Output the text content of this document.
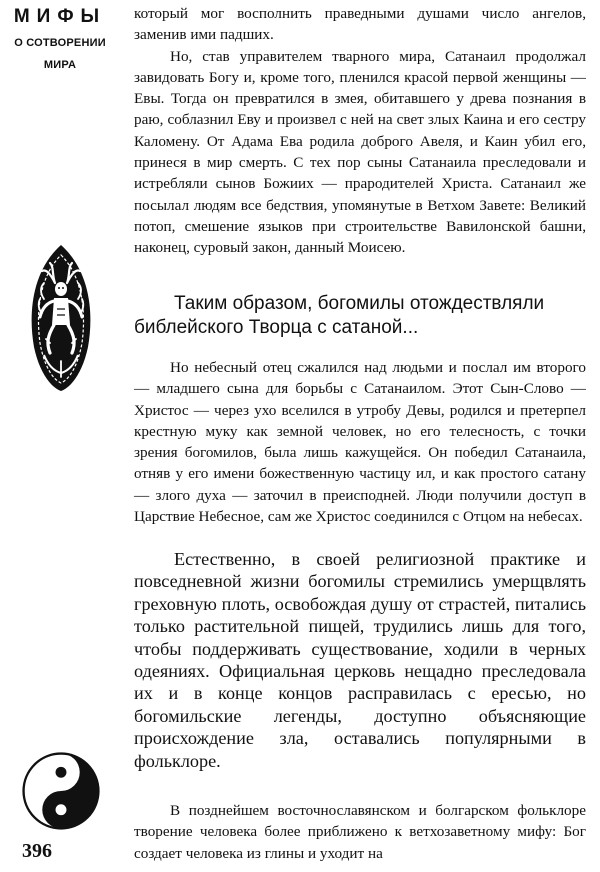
МИФЫ
О СОТВОРЕНИИ
МИРА
396

который мог восполнить праведными душами число ангелов, заменив ими падших.

Но, став управителем тварного мира, Сатанаил продолжал завидовать Богу и, кроме того, пленился красой первой женщины — Евы. Тогда он превратился в змея, обитавшего у древа познания в раю, соблазнил Еву и произвел с ней на свет злых Каина и его сестру Каломену. От Адама Ева родила доброго Авеля, и Каин убил его, принеся в мир смерть. С тех пор сыны Сатанаила преследовали и истребляли сынов Божиих — прародителей Христа. Сатанаил же посылал людям все бедствия, упомянутые в Ветхом Завете: Великий потоп, смешение языков при строительстве Вавилонской башни, наконец, суровый закон, данный Моисею.

Таким образом, богомилы отождествляли библейского Творца с сатаной...

Но небесный отец сжалился над людьми и послал им второго — младшего сына для борьбы с Сатанаилом. Этот Сын-Слово — Христос — через ухо вселился в утробу Девы, родился и претерпел крестную муку как земной человек, но его телесность, с точки зрения богомилов, была лишь кажущейся. Он победил Сатанаила, отняв у его имени божественную частицу ил, и как простого сатану — злого духа — заточил в преисподней. Люди получили доступ в Царствие Небесное, сам же Христос соединился с Отцом на небесах.

Естественно, в своей религиозной практике и повседневной жизни богомилы стремились умерщвлять греховную плоть, освобождая душу от страстей, питались только растительной пищей, трудились лишь для того, чтобы поддерживать существование, ходили в черных одеяниях. Официальная церковь нещадно преследовала их и в конце концов расправилась с ересью, но богомильские легенды, доступно объясняющие происхождение зла, оставались популярными в фольклоре.

В позднейшем восточнославянском и болгарском фольклоре творение человека более приближено к ветхозаветному мифу: Бог создает человека из глины и уходит на
